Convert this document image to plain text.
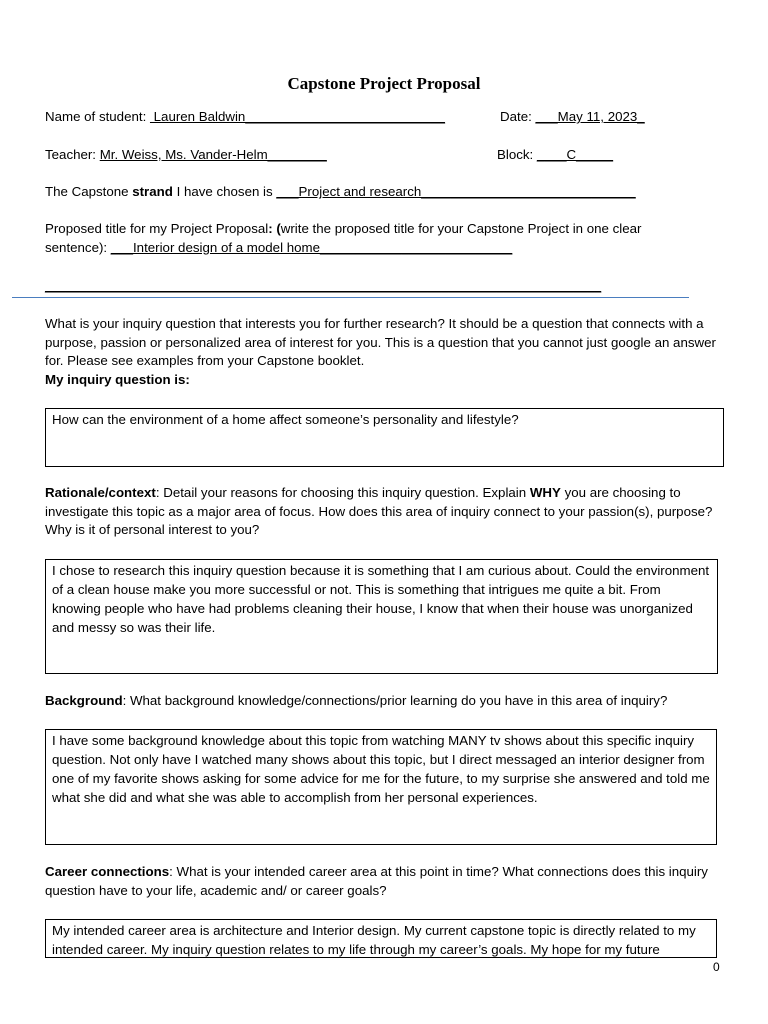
Capstone Project Proposal
Name of student:  Lauren Baldwin___________________________	Date: ___May 11, 2023_
Teacher: Mr. Weiss, Ms. Vander-Helm________	Block: ____C_____
The Capstone strand I have chosen is ___Project and research_____________________________
Proposed title for my Project Proposal: (write the proposed title for your Capstone Project in one clear
sentence): ___Interior design of a model home__________________________
________________________________________________________________________________
What is your inquiry question that interests you for further research? It should be a question that connects with a purpose, passion or personalized area of interest for you. This is a question that you cannot just google an answer for. Please see examples from your Capstone booklet.
My inquiry question is:
How can the environment of a home affect someone’s personality and lifestyle?
Rationale/context: Detail your reasons for choosing this inquiry question. Explain WHY you are choosing to investigate this topic as a major area of focus. How does this area of inquiry connect to your passion(s), purpose? Why is it of personal interest to you?
I chose to research this inquiry question because it is something that I am curious about. Could the environment of a clean house make you more successful or not. This is something that intrigues me quite a bit. From knowing people who have had problems cleaning their house, I know that when their house was unorganized and messy so was their life.
Background: What background knowledge/connections/prior learning do you have in this area of inquiry?
I have some background knowledge about this topic from watching MANY tv shows about this specific inquiry question. Not only have I watched many shows about this topic, but I direct messaged an interior designer from one of my favorite shows asking for some advice for me for the future, to my surprise she answered and told me what she did and what she was able to accomplish from her personal experiences.
Career connections: What is your intended career area at this point in time? What connections does this inquiry question have to your life, academic and/ or career goals?
My intended career area is architecture and Interior design. My current capstone topic is directly related to my intended career. My inquiry question relates to my life through my career’s goals. My hope for my future
0
